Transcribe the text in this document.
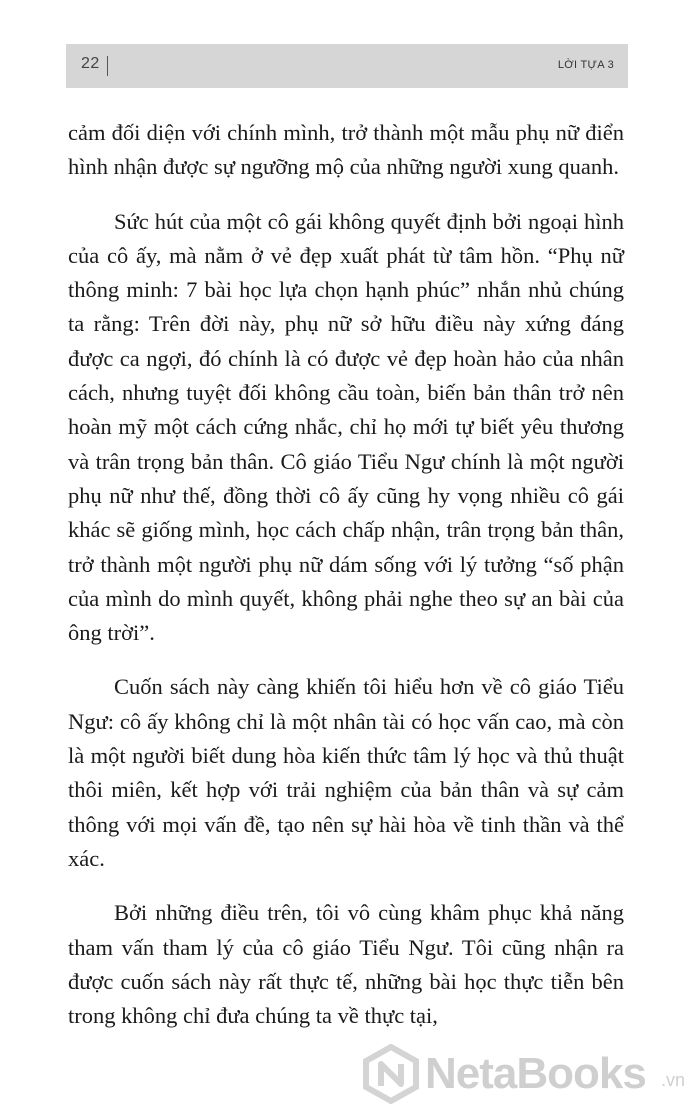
22	LỜI TỰA 3

cảm đối diện với chính mình, trở thành một mẫu phụ nữ điển hình nhận được sự ngưỡng mộ của những người xung quanh.

Sức hút của một cô gái không quyết định bởi ngoại hình của cô ấy, mà nằm ở vẻ đẹp xuất phát từ tâm hồn. “Phụ nữ thông minh: 7 bài học lựa chọn hạnh phúc” nhắn nhủ chúng ta rằng: Trên đời này, phụ nữ sở hữu điều này xứng đáng được ca ngợi, đó chính là có được vẻ đẹp hoàn hảo của nhân cách, nhưng tuyệt đối không cầu toàn, biến bản thân trở nên hoàn mỹ một cách cứng nhắc, chỉ họ mới tự biết yêu thương và trân trọng bản thân. Cô giáo Tiểu Ngư chính là một người phụ nữ như thế, đồng thời cô ấy cũng hy vọng nhiều cô gái khác sẽ giống mình, học cách chấp nhận, trân trọng bản thân, trở thành một người phụ nữ dám sống với lý tưởng “số phận của mình do mình quyết, không phải nghe theo sự an bài của ông trời”.

Cuốn sách này càng khiến tôi hiểu hơn về cô giáo Tiểu Ngư: cô ấy không chỉ là một nhân tài có học vấn cao, mà còn là một người biết dung hòa kiến thức tâm lý học và thủ thuật thôi miên, kết hợp với trải nghiệm của bản thân và sự cảm thông với mọi vấn đề, tạo nên sự hài hòa về tinh thần và thể xác.

Bởi những điều trên, tôi vô cùng khâm phục khả năng tham vấn tham lý của cô giáo Tiểu Ngư. Tôi cũng nhận ra được cuốn sách này rất thực tế, những bài học thực tiễn bên trong không chỉ đưa chúng ta về thực tại,

NetaBooks .vn
